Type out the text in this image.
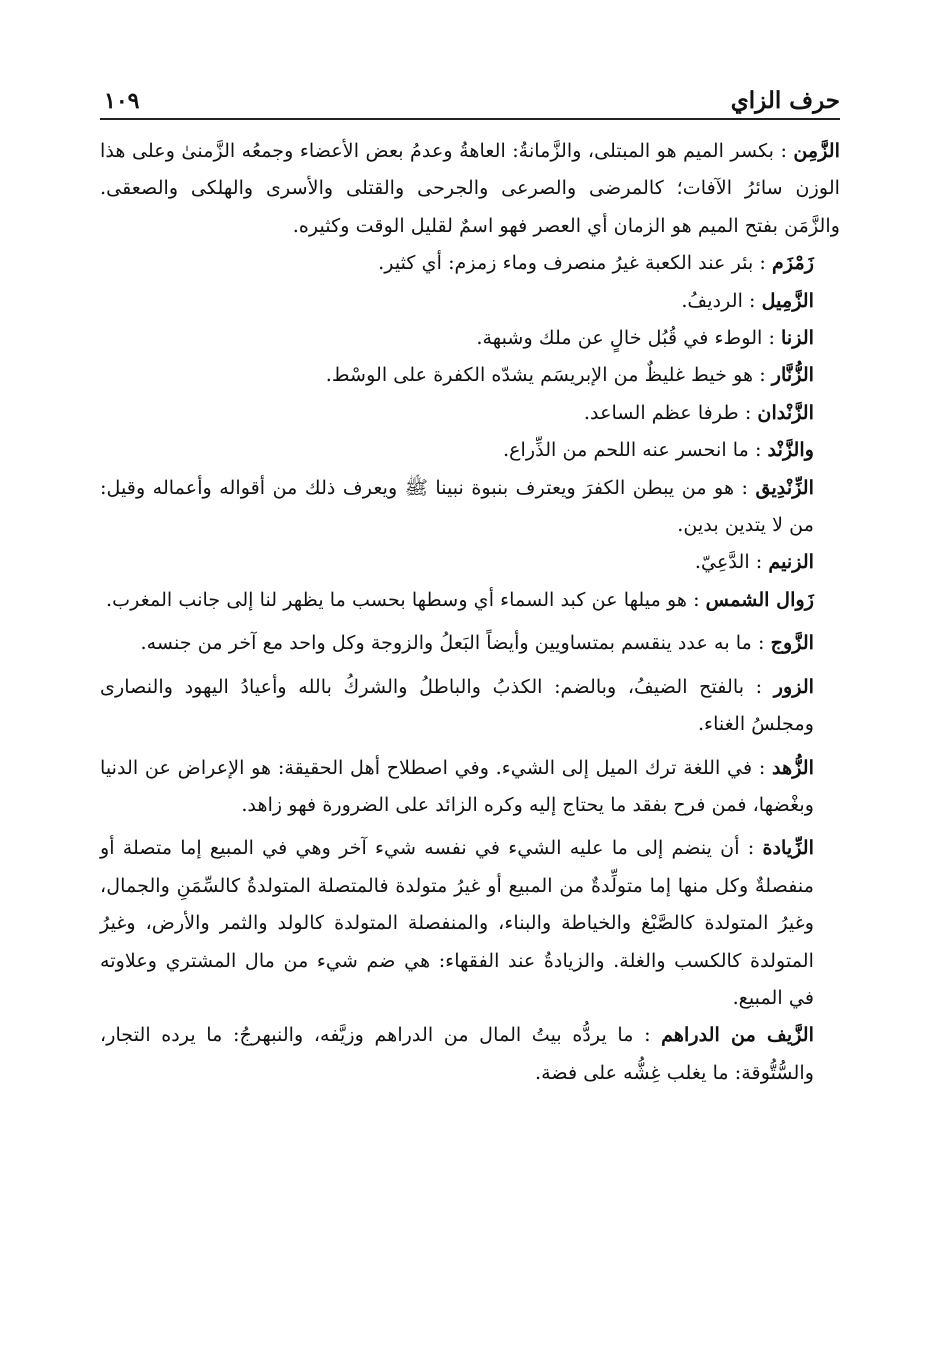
حرف الزاي
١٠٩

الزَّمِن : بكسر الميم هو المبتلى، والزَّمانةُ: العاهةُ وعدمُ بعض الأعضاء وجمعُه الزَّمنىٰ وعلى هذا الوزن سائرُ الآفات؛ كالمرضى والصرعى والجرحى والقتلى والأسرى والهلكى والصعقى. والزَّمَن بفتح الميم هو الزمان أي العصر فهو اسمٌ لقليل الوقت وكثيره.

زَمْزَم : بئر عند الكعبة غيرُ منصرف وماء زمزم: أي كثير.

الزَّمِيل : الرديفُ.

الزنا : الوطء في قُبُل خالٍ عن ملك وشبهة.

الزُّنَّار : هو خيط غليظٌ من الإبريسَم يشدّه الكفرة على الوسْط.

الزَّنْدان : طرفا عظم الساعد.

والزَّنْد : ما انحسر عنه اللحم من الذِّراع.

الزِّنْدِيق : هو من يبطن الكفرَ ويعترف بنبوة نبينا ﷺ ويعرف ذلك من أقواله وأعماله وقيل: من لا يتدين بدين.

الزنيم : الدَّعِيّ.

زَوال الشمس : هو ميلها عن كبد السماء أي وسطها بحسب ما يظهر لنا إلى جانب المغرب.

الزَّوج : ما به عدد ينقسم بمتساويين وأيضاً البَعلُ والزوجة وكل واحد مع آخر من جنسه.

الزور : بالفتح الضيفُ، وبالضم: الكذبُ والباطلُ والشركُ بالله وأعيادُ اليهود والنصارى ومجلسُ الغناء.

الزُّهد : في اللغة ترك الميل إلى الشيء. وفي اصطلاح أهل الحقيقة: هو الإعراض عن الدنيا وبغْضها، فمن فرح بفقد ما يحتاج إليه وكره الزائد على الضرورة فهو زاهد.

الزِّيادة : أن ينضم إلى ما عليه الشيء في نفسه شيء آخر وهي في المبيع إما متصلة أو منفصلةٌ وكل منها إما متولِّدةٌ من المبيع أو غيرُ متولدة فالمتصلة المتولدةُ كالسِّمَنِ والجمال، وغيرُ المتولدة كالصَّبْغ والخياطة والبناء، والمنفصلة المتولدة كالولد والثمر والأرض، وغيرُ المتولدة كالكسب والغلة. والزيادةُ عند الفقهاء: هي ضم شيء من مال المشتري وعلاوته في المبيع.

الزَّيف من الدراهم : ما يردُّه بيتُ المال من الدراهم وزيَّفه، والنبهرجُ: ما يرده التجار، والسُّتُّوقة: ما يغلب غِشُّه على فضة.
